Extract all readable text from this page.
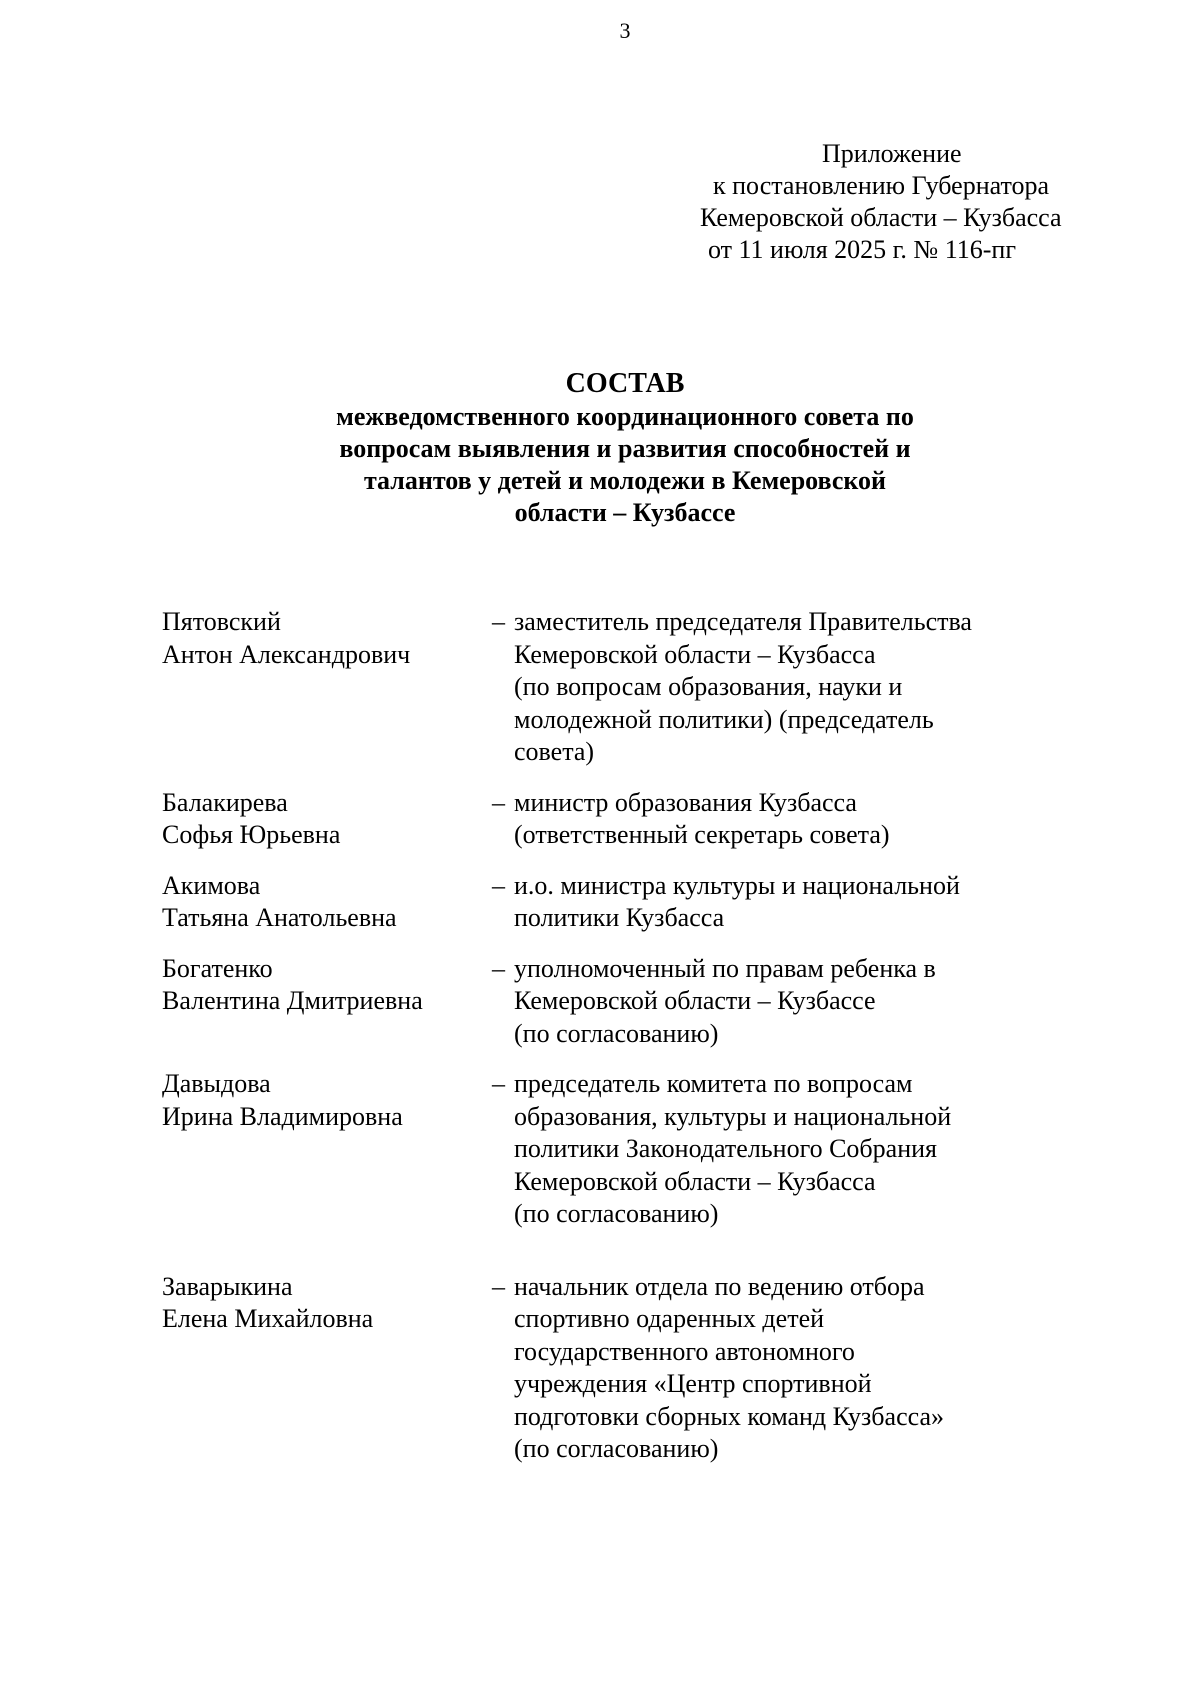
3
Приложение
к постановлению Губернатора
Кемеровской области – Кузбасса
от 11 июля 2025 г. № 116-пг
СОСТАВ
межведомственного координационного совета по
вопросам выявления и развития способностей и
талантов у детей и молодежи в Кемеровской
области – Кузбассе
Пятовский
Антон Александрович
– заместитель председателя Правительства
Кемеровской области – Кузбасса
(по вопросам образования, науки и
молодежной политики) (председатель
совета)
Балакирева
Софья Юрьевна
– министр образования Кузбасса
(ответственный секретарь совета)
Акимова
Татьяна Анатольевна
– и.о. министра культуры и национальной
политики Кузбасса
Богатенко
Валентина Дмитриевна
– уполномоченный по правам ребенка в
Кемеровской области – Кузбассе
(по согласованию)
Давыдова
Ирина Владимировна
– председатель комитета по вопросам
образования, культуры и национальной
политики Законодательного Собрания
Кемеровской области – Кузбасса
(по согласованию)
Заварыкина
Елена Михайловна
– начальник отдела по ведению отбора
спортивно одаренных детей
государственного автономного
учреждения «Центр спортивной
подготовки сборных команд Кузбасса»
(по согласованию)
